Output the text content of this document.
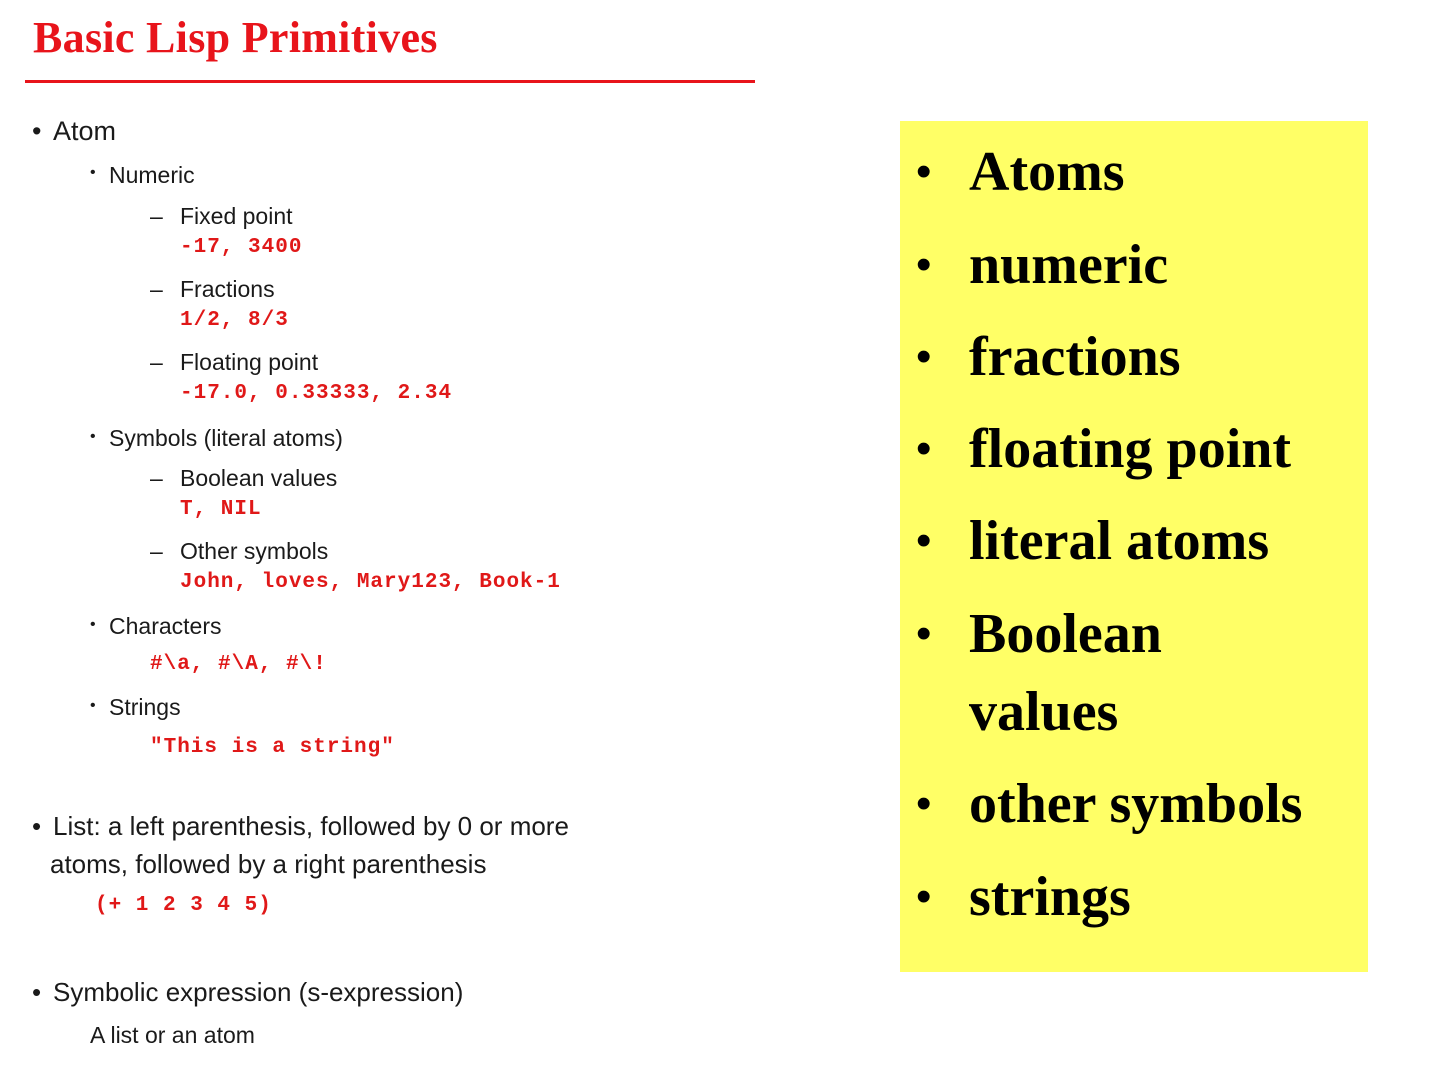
Basic Lisp Primitives
• Atom
• Numeric
– Fixed point
-17, 3400
– Fractions
1/2, 8/3
– Floating point
-17.0, 0.33333, 2.34
• Symbols (literal atoms)
– Boolean values
T, NIL
– Other symbols
John, loves, Mary123, Book-1
• Characters
#\a, #\A, #\!
• Strings
"This is a string"
• List: a left parenthesis, followed by 0 or more
atoms, followed by a right parenthesis
(+ 1 2 3 4 5)
• Symbolic expression (s-expression)
A list or an atom
• Atoms
• numeric
• fractions
• floating point
• literal atoms
• Boolean values
• other symbols
• strings
